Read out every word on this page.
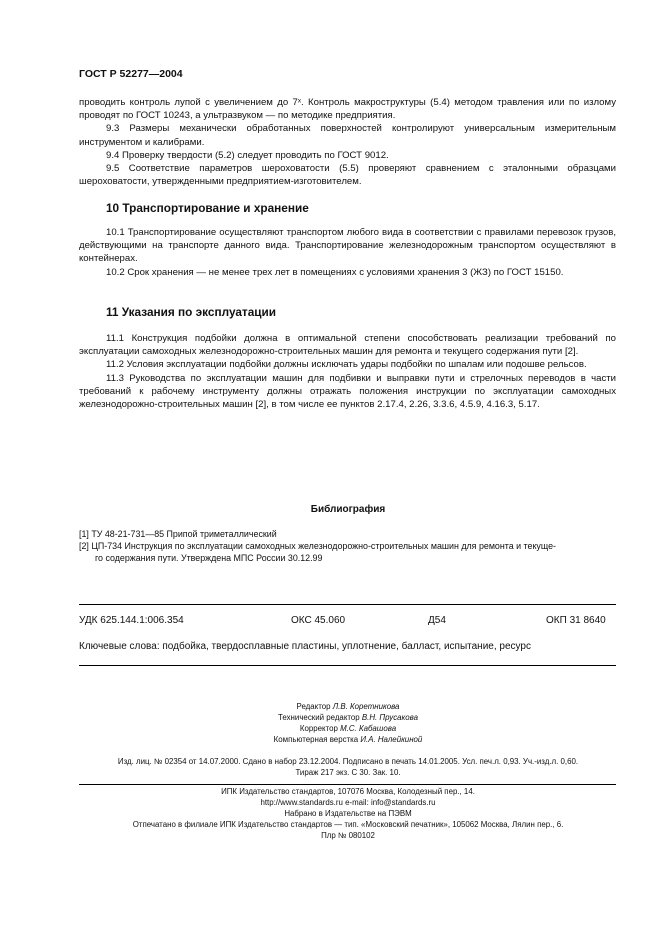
ГОСТ Р 52277—2004

проводить контроль лупой с увеличением до 7ˣ. Контроль макроструктуры (5.4) методом травления или по излому проводят по ГОСТ 10243, а ультразвуком — по методике предприятия.

9.3 Размеры механически обработанных поверхностей контролируют универсальным измерительным инструментом и калибрами.

9.4 Проверку твердости (5.2) следует проводить по ГОСТ 9012.

9.5 Соответствие параметров шероховатости (5.5) проверяют сравнением с эталонными образцами шероховатости, утвержденными предприятием-изготовителем.

10 Транспортирование и хранение

10.1 Транспортирование осуществляют транспортом любого вида в соответствии с правилами перевозок грузов, действующими на транспорте данного вида. Транспортирование железнодорожным транспортом осуществляют в контейнерах.

10.2 Срок хранения — не менее трех лет в помещениях с условиями хранения 3 (ЖЗ) по ГОСТ 15150.

11 Указания по эксплуатации

11.1 Конструкция подбойки должна в оптимальной степени способствовать реализации требований по эксплуатации самоходных железнодорожно-строительных машин для ремонта и текущего содержания пути [2].

11.2 Условия эксплуатации подбойки должны исключать удары подбойки по шпалам или подошве рельсов.

11.3 Руководства по эксплуатации машин для подбивки и выправки пути и стрелочных переводов в части требований к рабочему инструменту должны отражать положения инструкции по эксплуатации самоходных железнодорожно-строительных машин [2], в том числе ее пунктов 2.17.4, 2.26, 3.3.6, 4.5.9, 4.16.3, 5.17.

Библиография

[1] ТУ 48-21-731—85 Припой триметаллический

[2] ЦП-734 Инструкция по эксплуатации самоходных железнодорожно-строительных машин для ремонта и текуще-

го содержания пути. Утверждена МПС России 30.12.99

УДК 625.144.1:006.354	ОКС 45.060	Д54	ОКП 31 8640
Ключевые слова: подбойка, твердосплавные пластины, уплотнение, балласт, испытание, ресурс

Редактор Л.В. Коретникова

Технический редактор В.Н. Прусакова

Корректор М.С. Кабашова

Компьютерная верстка И.А. Налейкиной

Изд. лиц. № 02354 от 14.07.2000. Сдано в набор 23.12.2004. Подписано в печать 14.01.2005. Усл. печ.л. 0,93. Уч.-изд.л. 0,60.

Тираж 217 экз. С 30. Зак. 10.

ИПК Издательство стандартов, 107076 Москва, Колодезный пер., 14.

http://www.standards.ru e-mail: info@standards.ru

Набрано в Издательстве на ПЭВМ

Отпечатано в филиале ИПК Издательство стандартов — тип. «Московский печатник», 105062 Москва, Лялин пер., 6.

Плр № 080102
